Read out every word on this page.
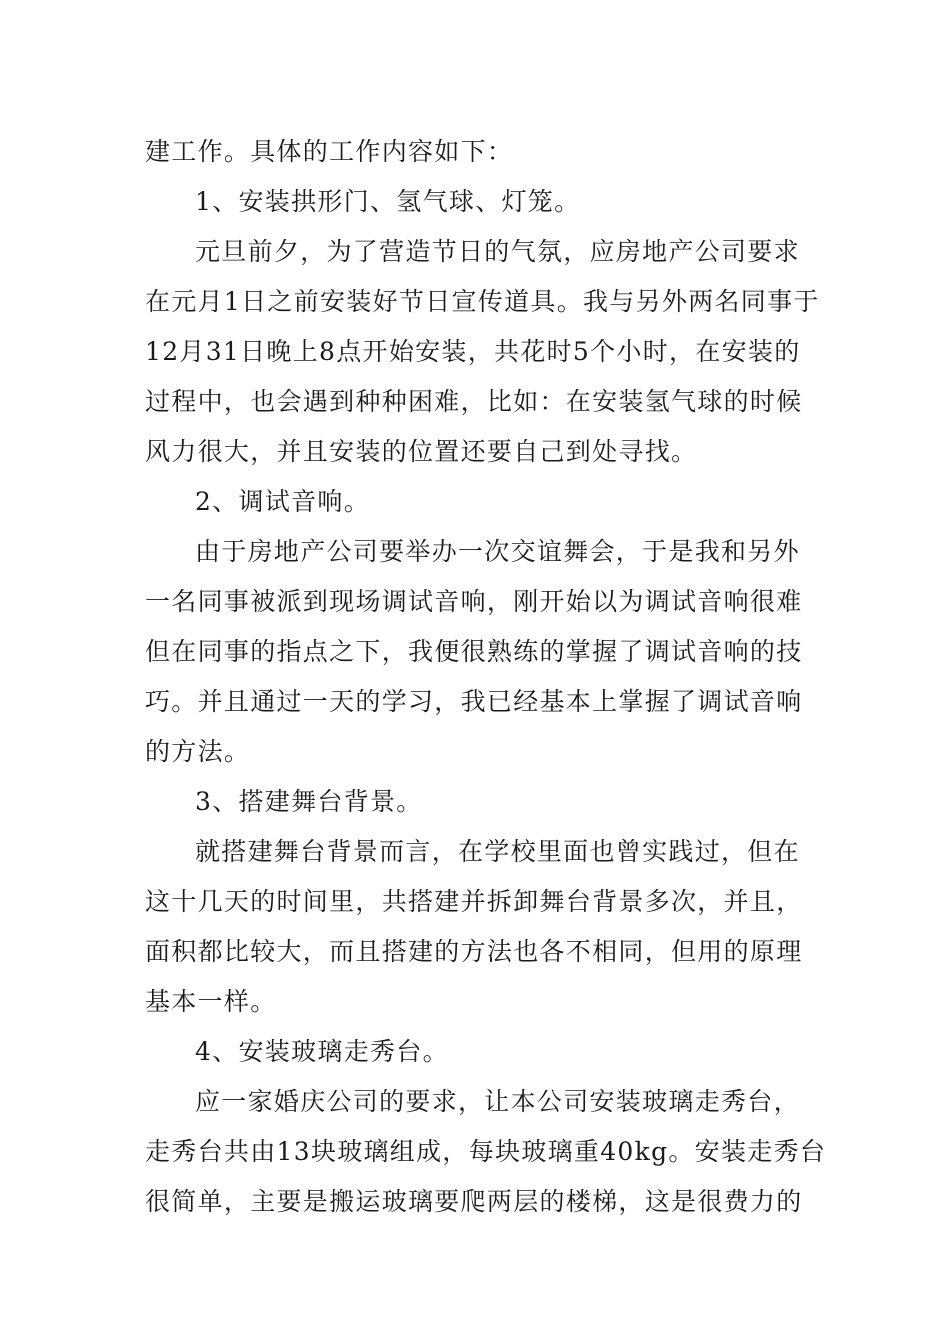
建工作。具体的工作内容如下：
1、安装拱形门、氢气球、灯笼。
元旦前夕，为了营造节日的气氛，应房地产公司要求
在元月1日之前安装好节日宣传道具。我与另外两名同事于
12月31日晚上8点开始安装，共花时5个小时，在安装的
过程中，也会遇到种种困难，比如：在安装氢气球的时候
风力很大，并且安装的位置还要自己到处寻找。
2、调试音响。
由于房地产公司要举办一次交谊舞会，于是我和另外
一名同事被派到现场调试音响，刚开始以为调试音响很难
但在同事的指点之下，我便很熟练的掌握了调试音响的技
巧。并且通过一天的学习，我已经基本上掌握了调试音响
的方法。
3、搭建舞台背景。
就搭建舞台背景而言，在学校里面也曾实践过，但在
这十几天的时间里，共搭建并拆卸舞台背景多次，并且，
面积都比较大，而且搭建的方法也各不相同，但用的原理
基本一样。
4、安装玻璃走秀台。
应一家婚庆公司的要求，让本公司安装玻璃走秀台，
走秀台共由13块玻璃组成，每块玻璃重40kg。安装走秀台
很简单，主要是搬运玻璃要爬两层的楼梯，这是很费力的
